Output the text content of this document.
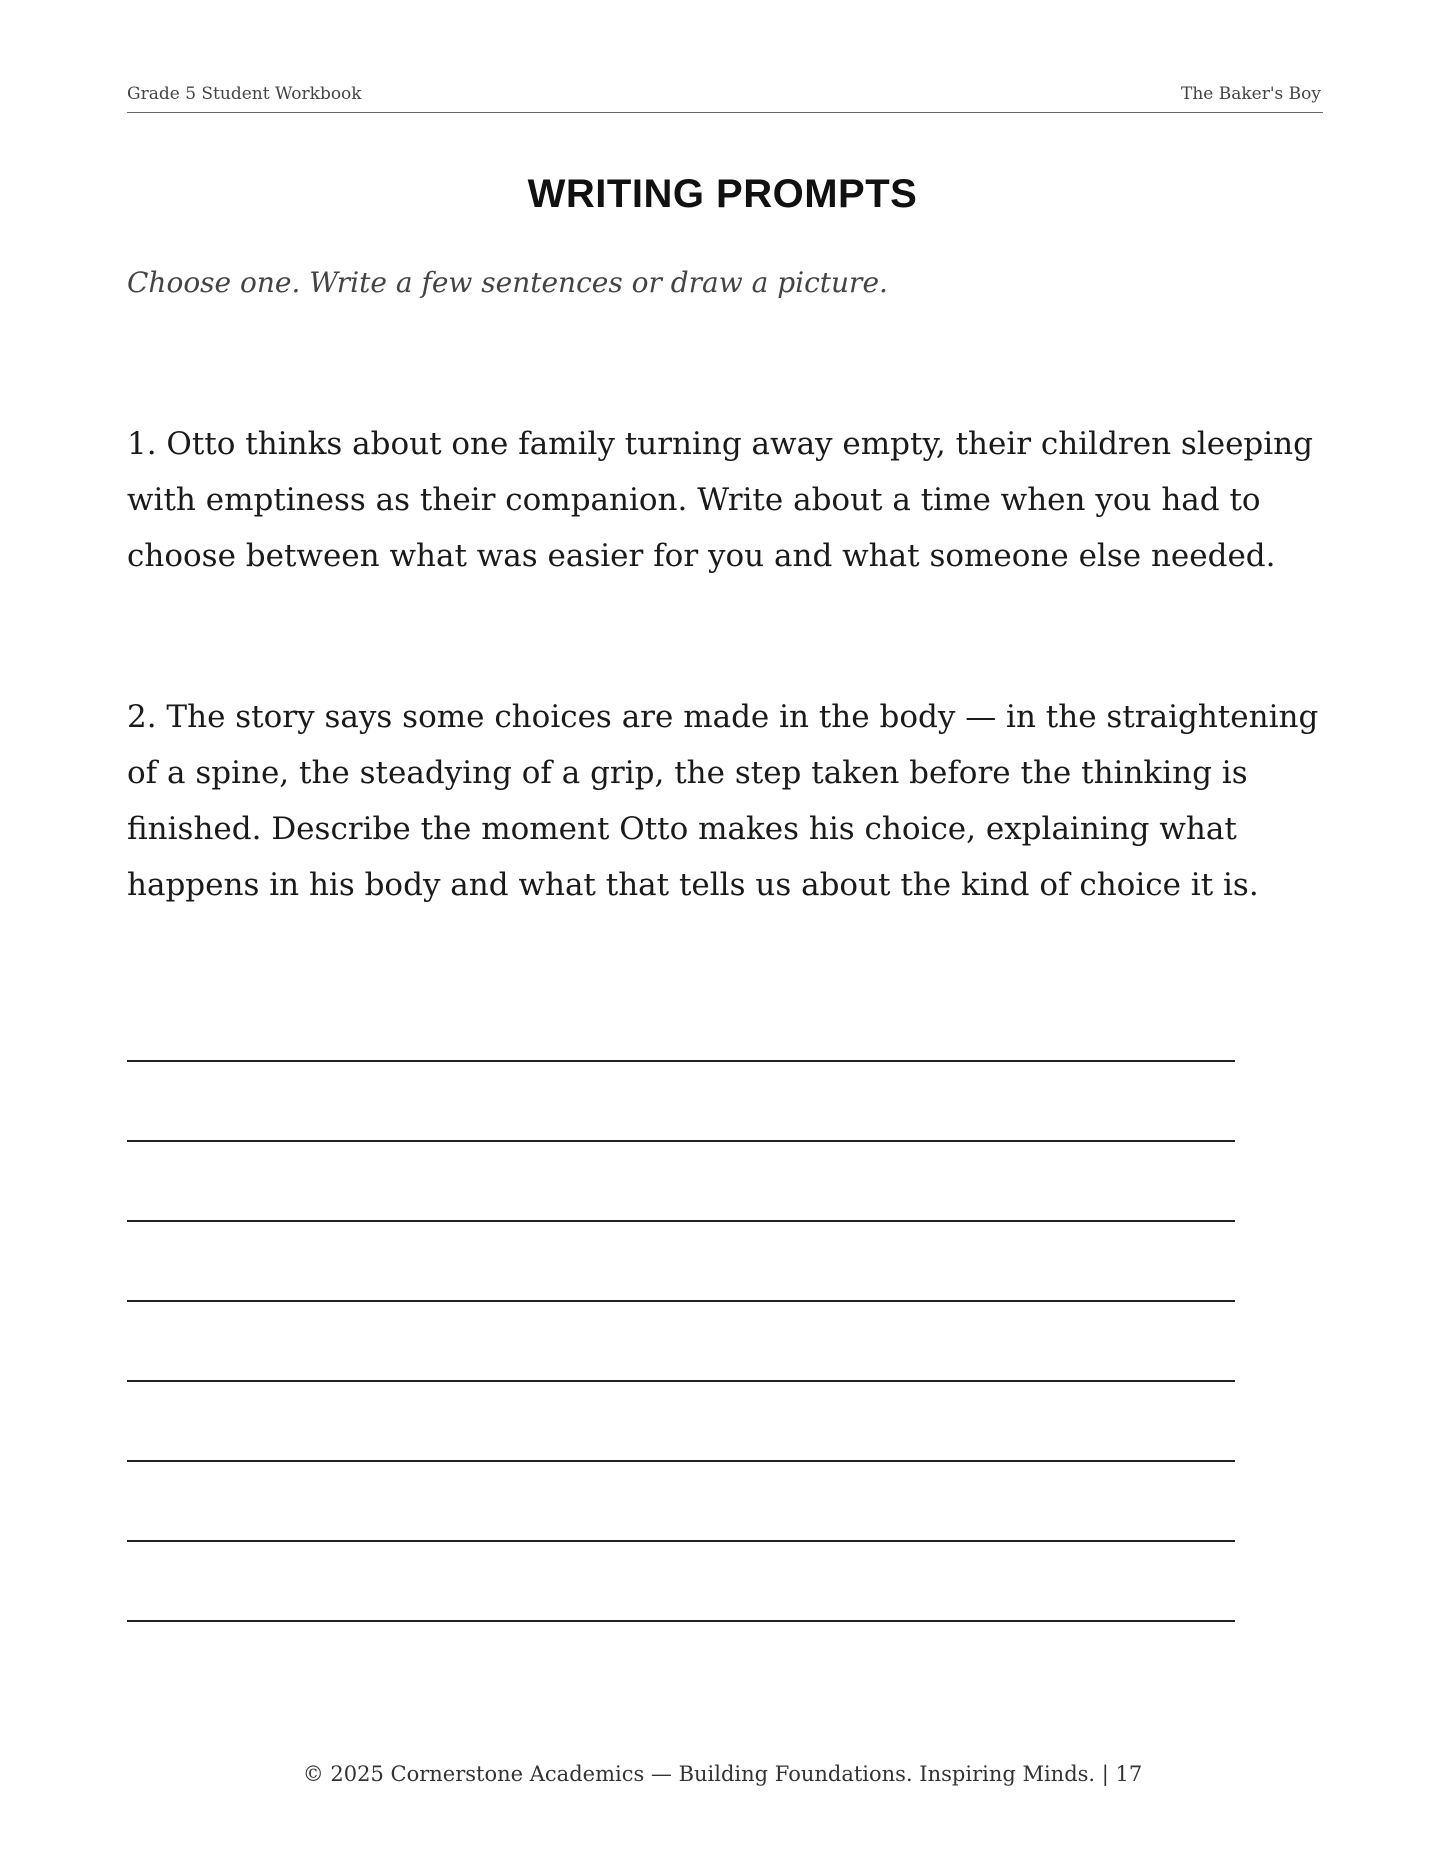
Grade 5 Student Workbook	The Baker's Boy
WRITING PROMPTS

Choose one. Write a few sentences or draw a picture.

1. Otto thinks about one family turning away empty, their children sleeping with emptiness as their companion. Write about a time when you had to choose between what was easier for you and what someone else needed.

2. The story says some choices are made in the body — in the straightening of a spine, the steadying of a grip, the step taken before the thinking is finished. Describe the moment Otto makes his choice, explaining what happens in his body and what that tells us about the kind of choice it is.

© 2025 Cornerstone Academics — Building Foundations. Inspiring Minds. | 17
